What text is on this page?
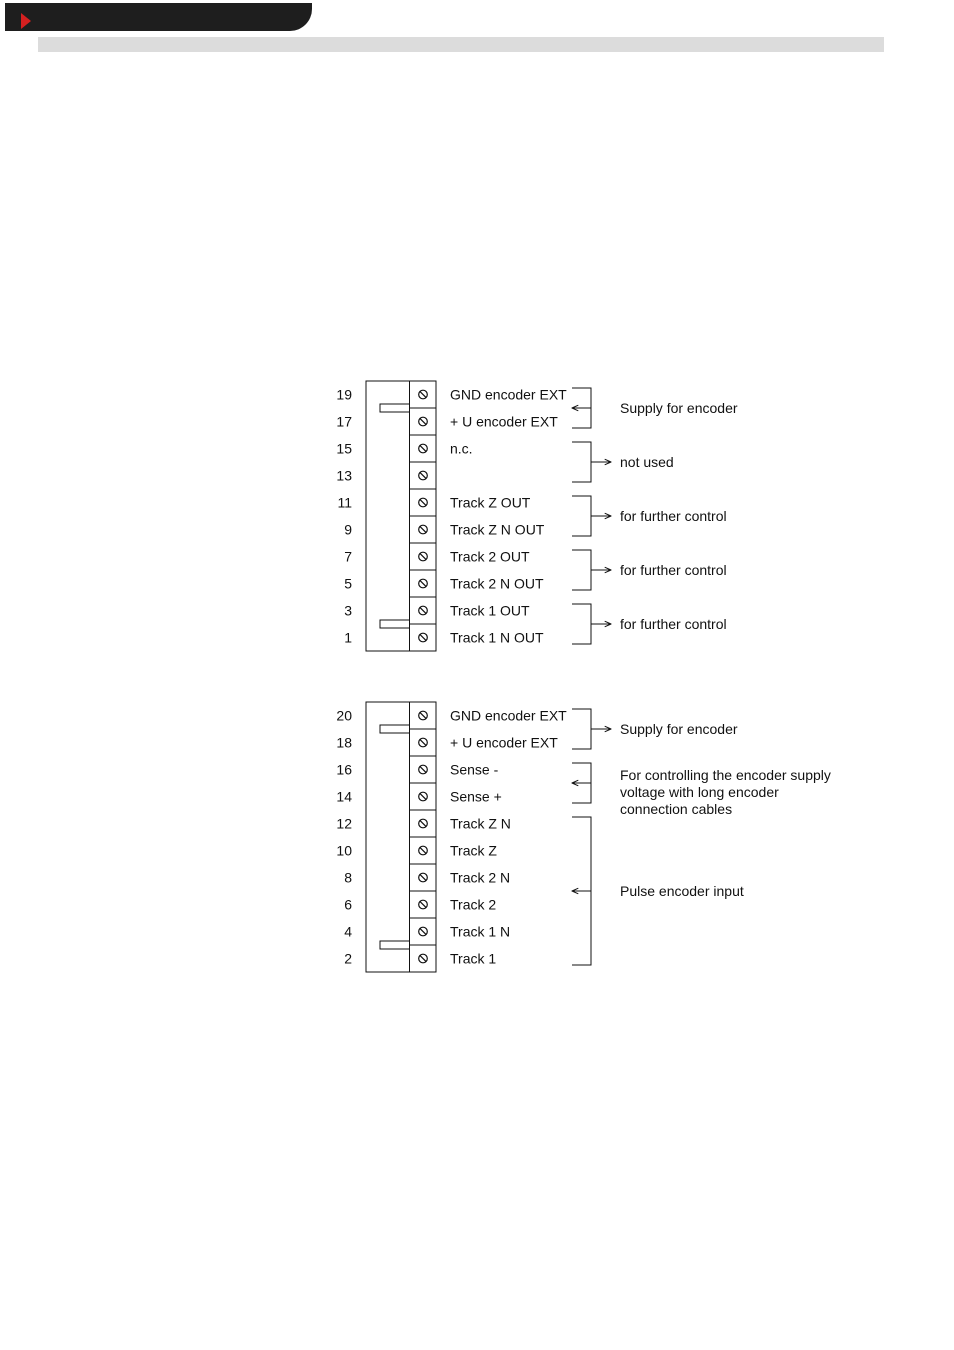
19	GND encoder EXT
17	+ U encoder EXT
15	n.c.
13
11	Track Z OUT
9	Track Z N OUT
7	Track 2 OUT
5	Track 2 N OUT
3	Track 1 OUT
1	Track 1 N OUT
Supply for encoder
not used
for further control
for further control
for further control
20	GND encoder EXT
18	+ U encoder EXT
16	Sense -
14	Sense +
12	Track Z N
10	Track Z
8	Track 2 N
6	Track 2
4	Track 1 N
2	Track 1
Supply for encoder
For controlling the encoder supply
voltage with long encoder
connection cables
Pulse encoder input
